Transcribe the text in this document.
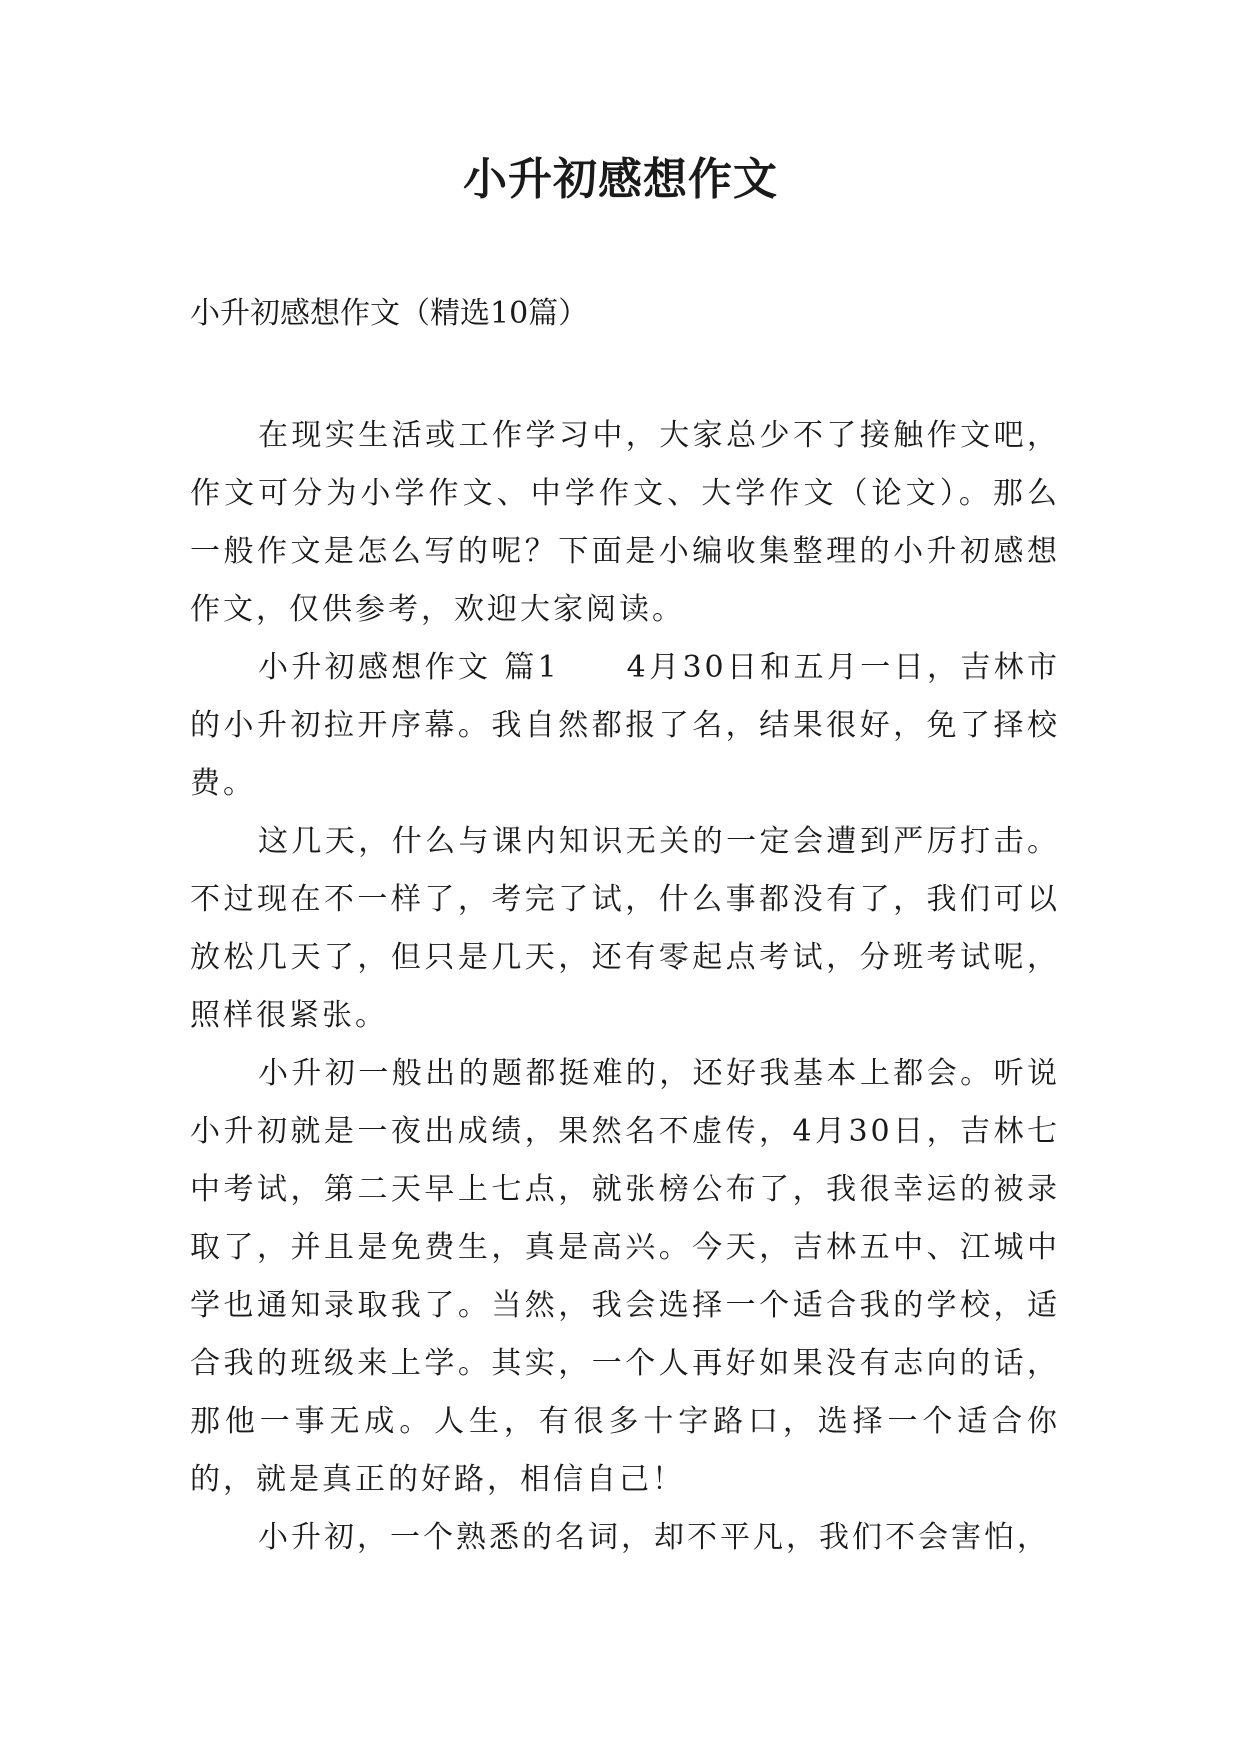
小升初感想作文

小升初感想作文（精选10篇）

在现实生活或工作学习中，大家总少不了接触作文吧，作文可分为小学作文、中学作文、大学作文（论文）。那么一般作文是怎么写的呢？下面是小编收集整理的小升初感想作文，仅供参考，欢迎大家阅读。

小升初感想作文 篇1　　4月30日和五月一日，吉林市的小升初拉开序幕。我自然都报了名，结果很好，免了择校费。

这几天，什么与课内知识无关的一定会遭到严厉打击。不过现在不一样了，考完了试，什么事都没有了，我们可以放松几天了，但只是几天，还有零起点考试，分班考试呢，照样很紧张。

小升初一般出的题都挺难的，还好我基本上都会。听说小升初就是一夜出成绩，果然名不虚传，4月30日，吉林七中考试，第二天早上七点，就张榜公布了，我很幸运的被录取了，并且是免费生，真是高兴。今天，吉林五中、江城中学也通知录取我了。当然，我会选择一个适合我的学校，适合我的班级来上学。其实，一个人再好如果没有志向的话，那他一事无成。人生，有很多十字路口，选择一个适合你的，就是真正的好路，相信自己！

小升初，一个熟悉的名词，却不平凡，我们不会害怕，
